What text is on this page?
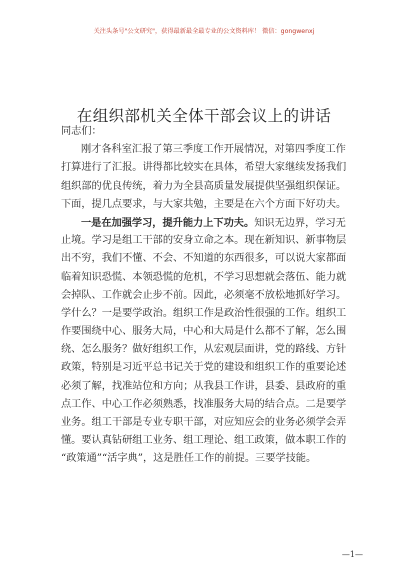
关注头条号"公文研究"，获得最新最全最专业的公文资料库！ 微信：gongwenxj
在组织部机关全体干部会议上的讲话
同志们：
刚才各科室汇报了第三季度工作开展情况，对第四季度工作
打算进行了汇报。讲得都比较实在具体，希望大家继续发扬我们
组织部的优良传统，着力为全县高质量发展提供坚强组织保证。
下面，提几点要求，与大家共勉，主要是在六个方面下好功夫。
一是在加强学习，提升能力上下功夫。知识无边界，学习无
止境。学习是组工干部的安身立命之本。现在新知识、新事物层
出不穷，我们不懂、不会、不知道的东西很多，可以说大家都面
临着知识恐慌、本领恐慌的危机，不学习思想就会落伍、能力就
会掉队、工作就会止步不前。因此，必须毫不放松地抓好学习。
学什么？一是要学政治。组织工作是政治性很强的工作。组织工
作要围绕中心、服务大局，中心和大局是什么都不了解，怎么围
绕、怎么服务？做好组织工作，从宏观层面讲，党的路线、方针
政策，特别是习近平总书记关于党的建设和组织工作的重要论述
必须了解，找准站位和方向；从我县工作讲，县委、县政府的重
点工作、中心工作必须熟悉，找准服务大局的结合点。二是要学
业务。组工干部是专业专职干部，对应知应会的业务必须学会弄
懂。要认真钻研组工业务、组工理论、组工政策，做本职工作的
“政策通”“活字典”，这是胜任工作的前提。三要学技能。
—1—
